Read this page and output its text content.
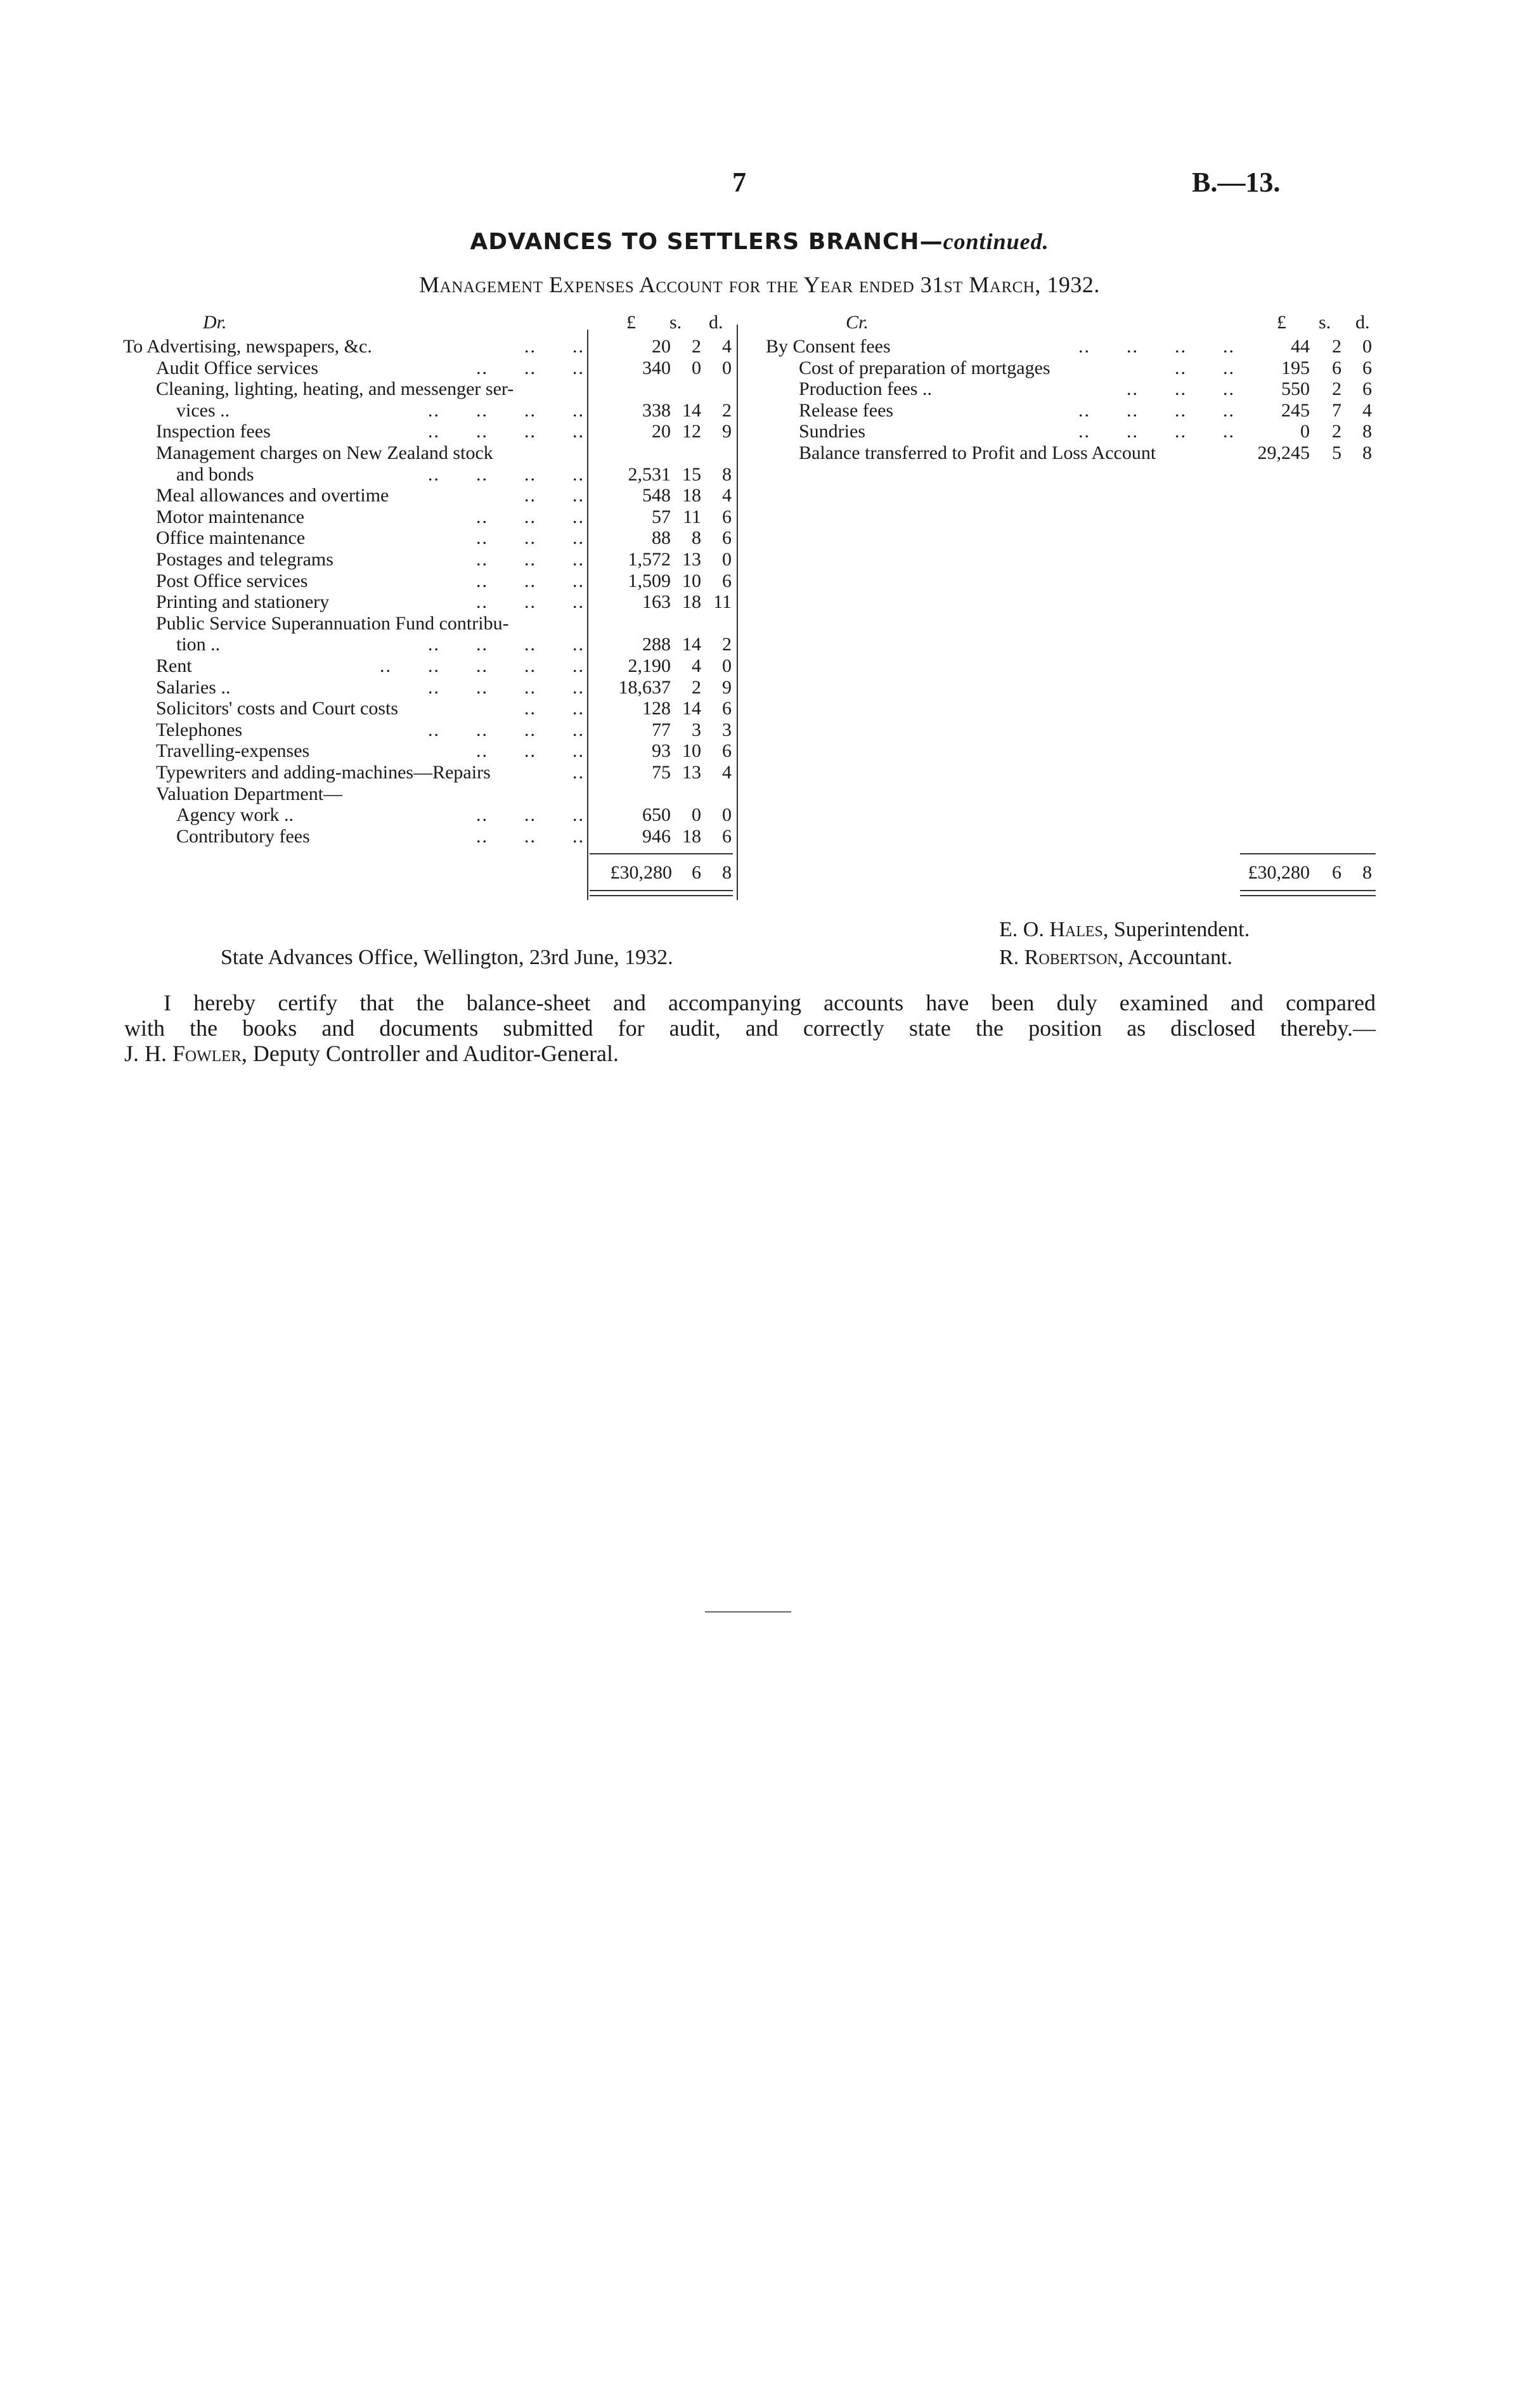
7	B.—13.
ADVANCES TO SETTLERS BRANCH—continued.
Management Expenses Account for the Year ended 31st March, 1932.
Dr.	£ s. d.	Cr.	£ s. d.
To Advertising, newspapers, &c.	..      ..	20	2	4
Audit Office services	..      ..      ..	340	0	0
Cleaning, lighting, heating, and messenger ser-
vices ..	..      ..      ..      ..	338 14	2
Inspection fees	..      ..      ..      ..	20 12	9
Management charges on New Zealand stock
and bonds	..      ..      ..      ..	2,531 15	8
Meal allowances and overtime	..      ..	548 18	4
Motor maintenance	..      ..      ..	57 11	6
Office maintenance	..      ..      ..	88	8	6
Postages and telegrams	..      ..      ..	1,572 13	0
Post Office services	..      ..      ..	1,509 10	6
Printing and stationery	..      ..      ..	163 18 11
Public Service Superannuation Fund contribu-
tion ..	..      ..      ..      ..	288 14	2
Rent	..      ..      ..      ..      ..	2,190	4	0
Salaries ..	..      ..      ..      ..	18,637	2	9
Solicitors' costs and Court costs	..      ..	128 14	6
Telephones	..      ..      ..      ..	77	3	3
Travelling-expenses	..      ..      ..	93 10	6
Typewriters and adding-machines—Repairs	..	75 13	4
Valuation Department—
Agency work ..	..      ..      ..	650	0	0
Contributory fees	..      ..      ..	946 18	6
By Consent fees	..      ..      ..      ..	44	2	0
Cost of preparation of mortgages	..      ..	195	6	6
Production fees ..	..      ..      ..	550	2	6
Release fees	..      ..      ..      ..	245	7	4
Sundries	..      ..      ..      ..	0	2	8
Balance transferred to Profit and Loss Account	29,245	5	8
£30,280	6	8	£30,280	6	8
E. O. Hales, Superintendent.
State Advances Office, Wellington, 23rd June, 1932.	R. Robertson, Accountant.
I hereby certify that the balance-sheet and accompanying accounts have been duly examined and compared
with the books and documents submitted for audit, and correctly state the position as disclosed thereby.—
J. H. Fowler, Deputy Controller and Auditor-General.
